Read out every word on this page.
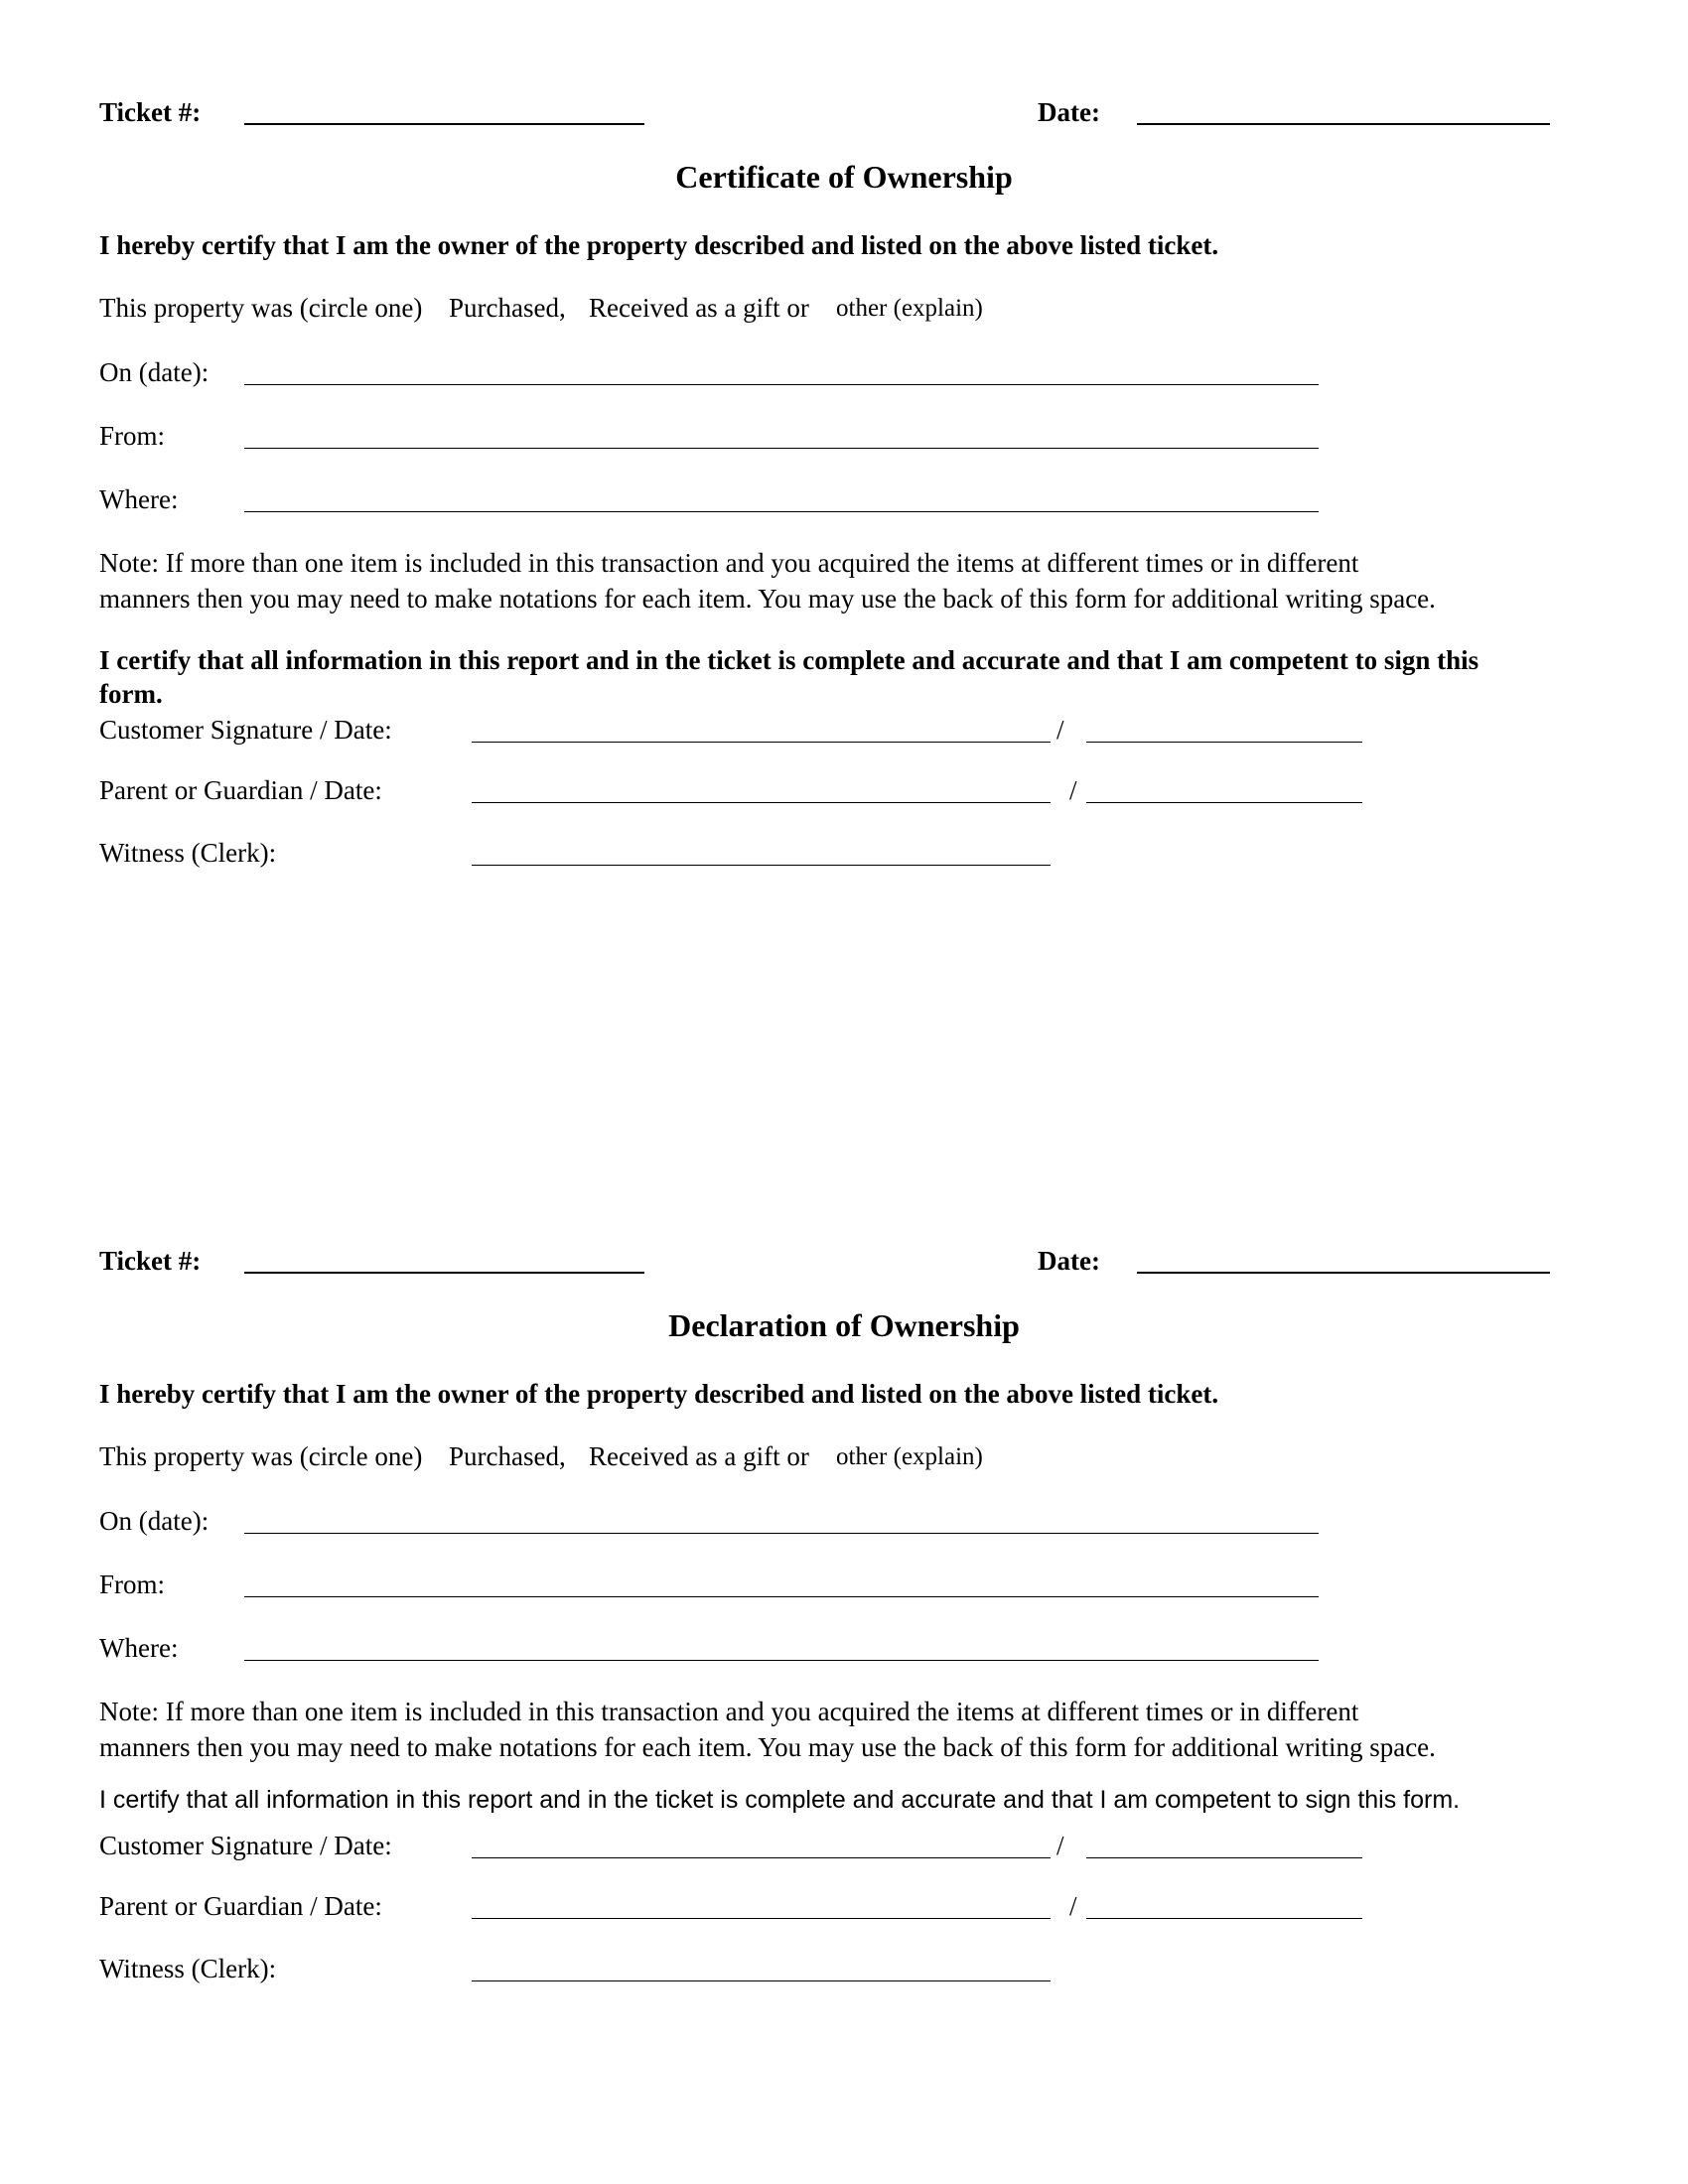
Ticket #:	Date:
Certificate of Ownership
I hereby certify that I am the owner of the property described and listed on the above listed ticket.
This property was (circle one) Purchased, Received as a gift or other (explain)
On (date):
From:
Where:
Note: If more than one item is included in this transaction and you acquired the items at different times or in different
manners then you may need to make notations for each item. You may use the back of this form for additional writing space.
I certify that all information in this report and in the ticket is complete and accurate and that I am competent to sign this form.
Customer Signature / Date:	/
Parent or Guardian / Date:	/
Witness (Clerk):
Ticket #:	Date:
Declaration of Ownership
I hereby certify that I am the owner of the property described and listed on the above listed ticket.
This property was (circle one) Purchased, Received as a gift or other (explain)
On (date):
From:
Where:
Note: If more than one item is included in this transaction and you acquired the items at different times or in different
manners then you may need to make notations for each item. You may use the back of this form for additional writing space.
I certify that all information in this report and in the ticket is complete and accurate and that I am competent to sign this form.
Customer Signature / Date:	/
Parent or Guardian / Date:	/
Witness (Clerk):
